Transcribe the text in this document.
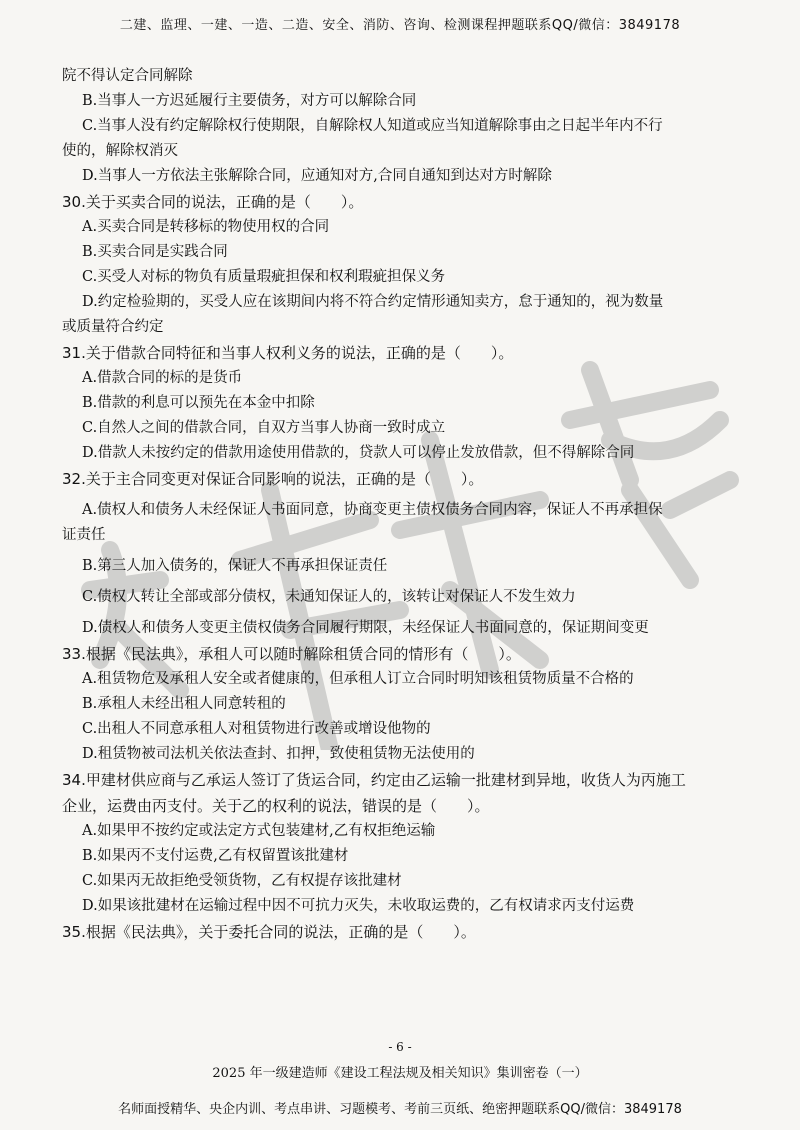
二建、监理、一建、一造、二造、安全、消防、咨询、检测课程押题联系QQ/微信：3849178
院不得认定合同解除
B.当事人一方迟延履行主要债务，对方可以解除合同
C.当事人没有约定解除权行使期限，自解除权人知道或应当知道解除事由之日起半年内不行
使的，解除权消灭
D.当事人一方依法主张解除合同，应通知对方,合同自通知到达对方时解除
30.关于买卖合同的说法，正确的是（　　）。
A.买卖合同是转移标的物使用权的合同
B.买卖合同是实践合同
C.买受人对标的物负有质量瑕疵担保和权利瑕疵担保义务
D.约定检验期的，买受人应在该期间内将不符合约定情形通知卖方，怠于通知的，视为数量
或质量符合约定
31.关于借款合同特征和当事人权利义务的说法，正确的是（　　）。
A.借款合同的标的是货币
B.借款的利息可以预先在本金中扣除
C.自然人之间的借款合同，自双方当事人协商一致时成立
D.借款人未按约定的借款用途使用借款的，贷款人可以停止发放借款，但不得解除合同
32.关于主合同变更对保证合同影响的说法，正确的是（　　）。
A.债权人和债务人未经保证人书面同意，协商变更主债权债务合同内容，保证人不再承担保
证责任
B.第三人加入债务的，保证人不再承担保证责任
C.债权人转让全部或部分债权，未通知保证人的，该转让对保证人不发生效力
D.债权人和债务人变更主债权债务合同履行期限，未经保证人书面同意的，保证期间变更
33.根据《民法典》，承租人可以随时解除租赁合同的情形有（　　）。
A.租赁物危及承租人安全或者健康的，但承租人订立合同时明知该租赁物质量不合格的
B.承租人未经出租人同意转租的
C.出租人不同意承租人对租赁物进行改善或增设他物的
D.租赁物被司法机关依法查封、扣押，致使租赁物无法使用的
34.甲建材供应商与乙承运人签订了货运合同，约定由乙运输一批建材到异地，收货人为丙施工
企业，运费由丙支付。关于乙的权利的说法，错误的是（　　）。
A.如果甲不按约定或法定方式包装建材,乙有权拒绝运输
B.如果丙不支付运费,乙有权留置该批建材
C.如果丙无故拒绝受领货物，乙有权提存该批建材
D.如果该批建材在运输过程中因不可抗力灭失，未收取运费的，乙有权请求丙支付运费
35.根据《民法典》，关于委托合同的说法，正确的是（　　）。
- 6 -
2025 年一级建造师《建设工程法规及相关知识》集训密卷（一）
名师面授精华、央企内训、考点串讲、习题模考、考前三页纸、绝密押题联系QQ/微信：3849178
